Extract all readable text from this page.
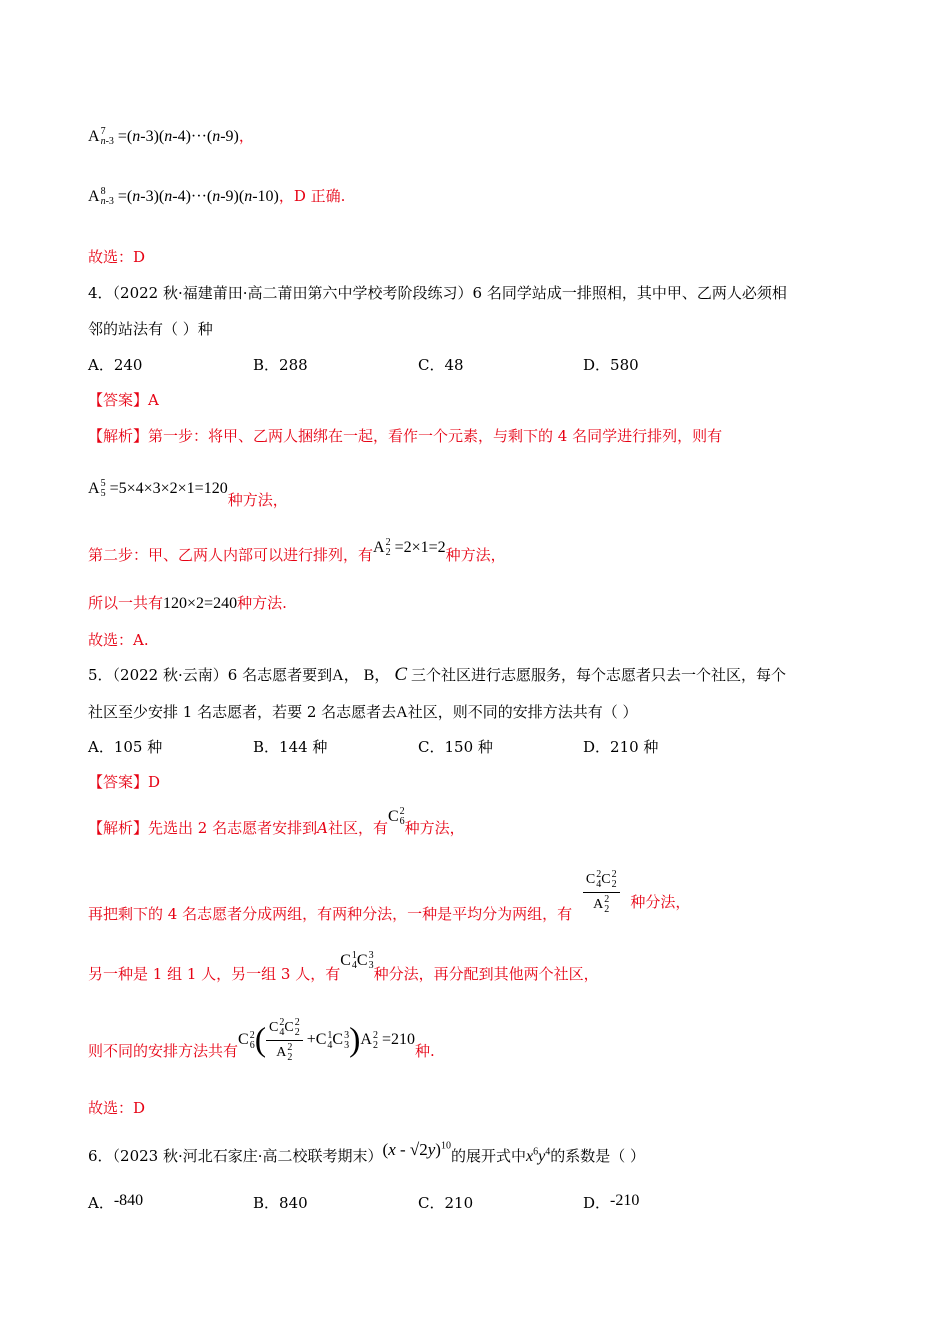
A 7
n-3 =(n-3)(n-4)···(n-9)，
A 8
n-3 =(n-3)(n-4)···(n-9)(n-10)，D 正确.
故选：D
4．（2022 秋·福建莆田·高二莆田第六中学校考阶段练习）6 名同学站成一排照相，其中甲、乙两人必须相
邻的站法有（ ）种
A．240	B．288	C．48	D．580
【答案】A
【解析】第一步：将甲、乙两人捆绑在一起，看作一个元素，与剩下的 4 名同学进行排列，则有
A 5
5 =5×4×3×2×1=120种方法，
第二步：甲、乙两人内部可以进行排列，有A 2
2 =2×1=2种方法，
所以一共有120×2=240种方法.
故选：A.
5．（2022 秋·云南）6 名志愿者要到A， B， C 三个社区进行志愿服务，每个志愿者只去一个社区，每个
社区至少安排 1 名志愿者，若要 2 名志愿者去A社区，则不同的安排方法共有（ ）
A．105 种	B．144 种	C．150 种	D．210 种
【答案】D
【解析】先选出 2 名志愿者安排到A社区，有C 2
6 种方法，
再把剩下的 4 名志愿者分成两组，有两种分法，一种是平均分为两组，有 C 2
4 C 2
2
A 2
2 种分法，
另一种是 1 组 1 人，另一组 3 人，有C 1
4 C 3
3 种分法，再分配到其他两个社区，
则不同的安排方法共有C 2
6 ( C 2
4 C 2
2
A 2
2 +C 1
4 C 3
3 )A 2
2 =210种.
故选：D
6．（2023 秋·河北石家庄·高二校联考期末）(x - √2y)$^{10}$的展开式中$x^6y^4$的系数是（ ）
A．-840	B．840	C．210	D．-210
